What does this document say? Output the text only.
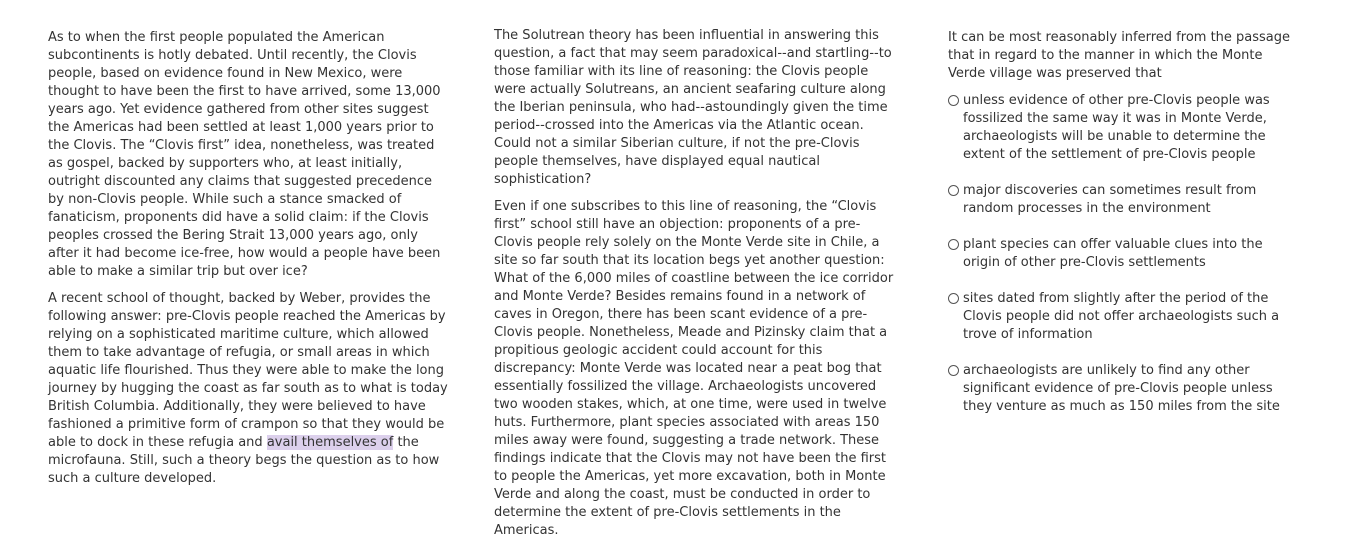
As to when the first people populated the American subcontinents is hotly debated. Until recently, the Clovis people, based on evidence found in New Mexico, were thought to have been the first to have arrived, some 13,000 years ago. Yet evidence gathered from other sites suggest the Americas had been settled at least 1,000 years prior to the Clovis. The “Clovis first” idea, nonetheless, was treated as gospel, backed by supporters who, at least initially, outright discounted any claims that suggested precedence by non-Clovis people. While such a stance smacked of fanaticism, proponents did have a solid claim: if the Clovis peoples crossed the Bering Strait 13,000 years ago, only after it had become ice-free, how would a people have been able to make a similar trip but over ice?

A recent school of thought, backed by Weber, provides the following answer: pre-Clovis people reached the Americas by relying on a sophisticated maritime culture, which allowed them to take advantage of refugia, or small areas in which aquatic life flourished. Thus they were able to make the long journey by hugging the coast as far south as to what is today British Columbia. Additionally, they were believed to have fashioned a primitive form of crampon so that they would be able to dock in these refugia and avail themselves of the microfauna. Still, such a theory begs the question as to how such a culture developed.

The Solutrean theory has been influential in answering this question, a fact that may seem paradoxical--and startling--to those familiar with its line of reasoning: the Clovis people were actually Solutreans, an ancient seafaring culture along the Iberian peninsula, who had--astoundingly given the time period--crossed into the Americas via the Atlantic ocean. Could not a similar Siberian culture, if not the pre-Clovis people themselves, have displayed equal nautical sophistication?

Even if one subscribes to this line of reasoning, the “Clovis first” school still have an objection: proponents of a pre-Clovis people rely solely on the Monte Verde site in Chile, a site so far south that its location begs yet another question: What of the 6,000 miles of coastline between the ice corridor and Monte Verde? Besides remains found in a network of caves in Oregon, there has been scant evidence of a pre-Clovis people. Nonetheless, Meade and Pizinsky claim that a propitious geologic accident could account for this discrepancy: Monte Verde was located near a peat bog that essentially fossilized the village. Archaeologists uncovered two wooden stakes, which, at one time, were used in twelve huts. Furthermore, plant species associated with areas 150 miles away were found, suggesting a trade network. These findings indicate that the Clovis may not have been the first to people the Americas, yet more excavation, both in Monte Verde and along the coast, must be conducted in order to determine the extent of pre-Clovis settlements in the Americas.

It can be most reasonably inferred from the passage that in regard to the manner in which the Monte Verde village was preserved that

unless evidence of other pre-Clovis people was fossilized the same way it was in Monte Verde, archaeologists will be unable to determine the extent of the settlement of pre-Clovis people
major discoveries can sometimes result from random processes in the environment
plant species can offer valuable clues into the origin of other pre-Clovis settlements
sites dated from slightly after the period of the Clovis people did not offer archaeologists such a trove of information
archaeologists are unlikely to find any other significant evidence of pre-Clovis people unless they venture as much as 150 miles from the site
